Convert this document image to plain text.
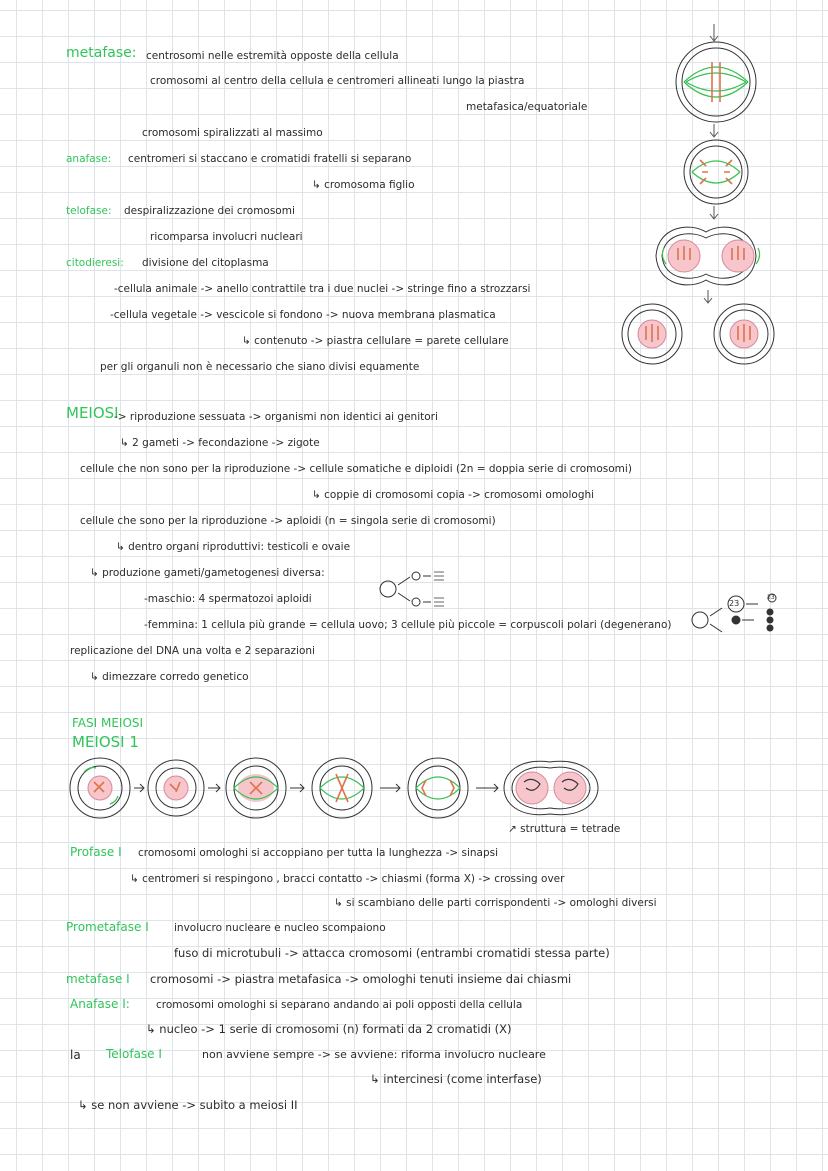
metafase: centrosomi nelle estremità opposte della cellula
cromosomi al centro della cellula e centromeri allineati lungo la piastra
metafasica/equatoriale
cromosomi spiralizzati al massimo
anafase: centromeri si staccano e cromatidi fratelli si separano
↳ cromosoma figlio
telofase: despiralizzazione dei cromosomi
ricomparsa involucri nucleari
citodieresi: divisione del citoplasma
-cellula animale -> anello contrattile tra i due nuclei -> stringe fino a strozzarsi
-cellula vegetale -> vescicole si fondono -> nuova membrana plasmatica
↳ contenuto -> piastra cellulare = parete cellulare
per gli organuli non è necessario che siano divisi equamente
MEIOSI
-> riproduzione sessuata -> organismi non identici ai genitori
↳ 2 gameti -> fecondazione -> zigote
cellule che non sono per la riproduzione -> cellule somatiche e diploidi (2n = doppia serie di cromosomi)
↳ coppie di cromosomi copia -> cromosomi omologhi
cellule che sono per la riproduzione -> aploidi (n = singola serie di cromosomi)
↳ dentro organi riproduttivi: testicoli e ovaie
↳ produzione gameti/gametogenesi diversa:
-maschio: 4 spermatozoi aploidi
-femmina: 1 cellula più grande = cellula uovo; 3 cellule più piccole = corpuscoli polari (degenerano)
replicazione del DNA una volta e 2 separazioni
↳ dimezzare corredo genetico
23
23
FASI MEIOSI
MEIOSI 1
↗ struttura = tetrade
Profase I cromosomi omologhi si accoppiano per tutta la lunghezza -> sinapsi
↳ centromeri si respingono , bracci contatto -> chiasmi (forma X) -> crossing over
↳ si scambiano delle parti corrispondenti -> omologhi diversi
Prometafase I involucro nucleare e nucleo scompaiono
fuso di microtubuli -> attacca cromosomi (entrambi cromatidi stessa parte)
metafase I cromosomi -> piastra metafasica -> omologhi tenuti insieme dai chiasmi
Anafase I: cromosomi omologhi si separano andando ai poli opposti della cellula
↳ nucleo -> 1 serie di cromosomi (n) formati da 2 cromatidi (X)
la Telofase I	non avviene sempre -> se avviene: riforma involucro nucleare
↳ intercinesi (come interfase)
↳ se non avviene -> subito a meiosi II
